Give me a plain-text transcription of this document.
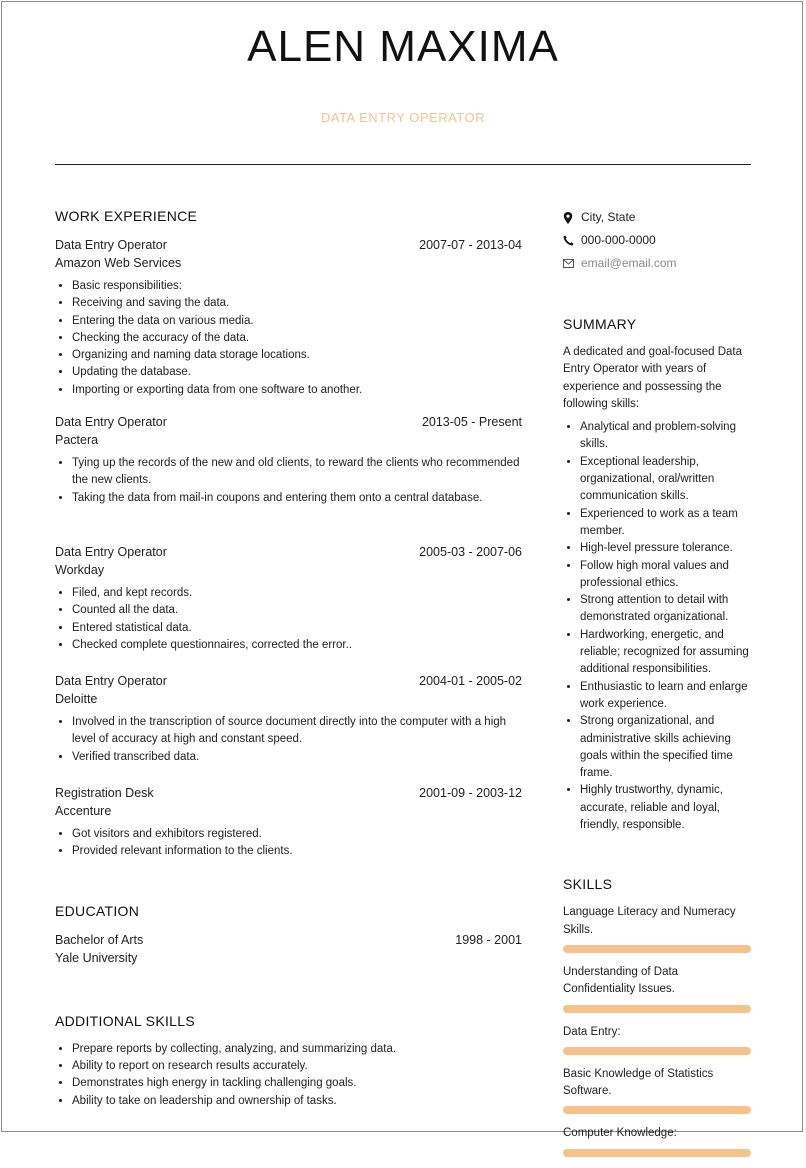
ALEN MAXIMA
DATA ENTRY OPERATOR
WORK EXPERIENCE
Data Entry Operator	2007-07 - 2013-04
Amazon Web Services
• Basic responsibilities:
• Receiving and saving the data.
• Entering the data on various media.
• Checking the accuracy of the data.
• Organizing and naming data storage locations.
• Updating the database.
• Importing or exporting data from one software to another.
Data Entry Operator	2013-05 - Present
Pactera
• Tying up the records of the new and old clients, to reward the clients who recommended the new clients.
• Taking the data from mail-in coupons and entering them onto a central database.
Data Entry Operator	2005-03 - 2007-06
Workday
• Filed, and kept records.
• Counted all the data.
• Entered statistical data.
• Checked complete questionnaires, corrected the error..
Data Entry Operator	2004-01 - 2005-02
Deloitte
• Involved in the transcription of source document directly into the computer with a high level of accuracy at high and constant speed.
• Verified transcribed data.
Registration Desk	2001-09 - 2003-12
Accenture
• Got visitors and exhibitors registered.
• Provided relevant information to the clients.
EDUCATION
Bachelor of Arts	1998 - 2001
Yale University
ADDITIONAL SKILLS
• Prepare reports by collecting, analyzing, and summarizing data.
• Ability to report on research results accurately.
• Demonstrates high energy in tackling challenging goals.
• Ability to take on leadership and ownership of tasks.
City, State
000-000-0000
email@email.com
SUMMARY
A dedicated and goal-focused Data Entry Operator with years of experience and possessing the following skills:
• Analytical and problem-solving skills.
• Exceptional leadership, organizational, oral/written communication skills.
• Experienced to work as a team member.
• High-level pressure tolerance.
• Follow high moral values and professional ethics.
• Strong attention to detail with demonstrated organizational.
• Hardworking, energetic, and reliable; recognized for assuming additional responsibilities.
• Enthusiastic to learn and enlarge work experience.
• Strong organizational, and administrative skills achieving goals within the specified time frame.
• Highly trustworthy, dynamic, accurate, reliable and loyal, friendly, responsible.
SKILLS
Language Literacy and Numeracy Skills.
Understanding of Data Confidentiality Issues.
Data Entry:
Basic Knowledge of Statistics Software.
Computer Knowledge:
